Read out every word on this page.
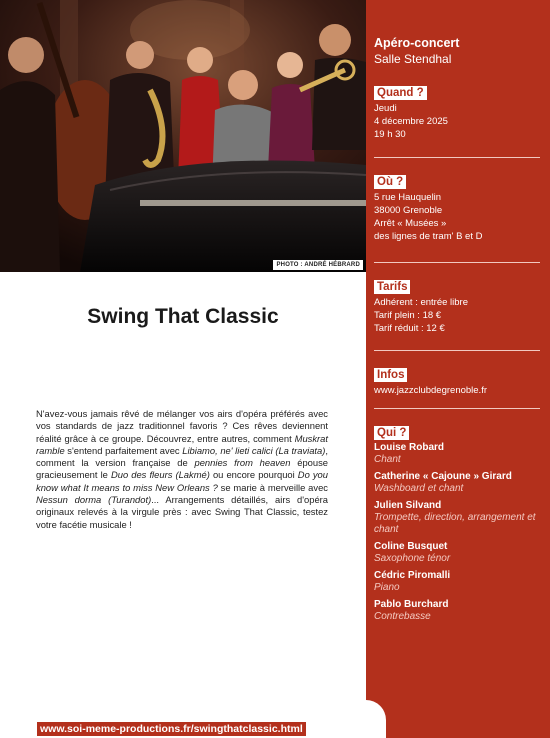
PHOTO : ANDRÉ HÉBRARD
Swing That Classic
N'avez-vous jamais rêvé de mélanger vos airs d'opéra préférés avec vos standards de jazz traditionnel favoris ? Ces rêves deviennent réalité grâce à ce groupe. Découvrez, entre autres, comment Muskrat ramble s'entend parfaitement avec Libiamo, ne' lieti calici (La traviata), comment la version française de pennies from heaven épouse gracieusement le Duo des fleurs (Lakmé) ou encore pourquoi Do you know what It means to miss New Orleans ? se marie à merveille avec Nessun dorma (Turandot)... Arrangements détaillés, airs d'opéra originaux relevés à la virgule près : avec Swing That Classic, testez votre facétie musicale !
www.soi-meme-productions.fr/swingthatclassic.html
Apéro-concert
Salle Stendhal
Quand ?
Jeudi
4 décembre 2025
19 h 30
Où ?
5 rue Hauquelin
38000 Grenoble
Arrêt « Musées »
des lignes de tram' B et D
Tarifs
Adhérent : entrée libre
Tarif plein : 18 €
Tarif réduit : 12 €
Infos
www.jazzclubdegrenoble.fr
Qui ?
Louise Robard
Chant
Catherine « Cajoune » Girard
Washboard et chant
Julien Silvand
Trompette, direction, arrangement et chant
Coline Busquet
Saxophone ténor
Cédric Piromalli
Piano
Pablo Burchard
Contrebasse
